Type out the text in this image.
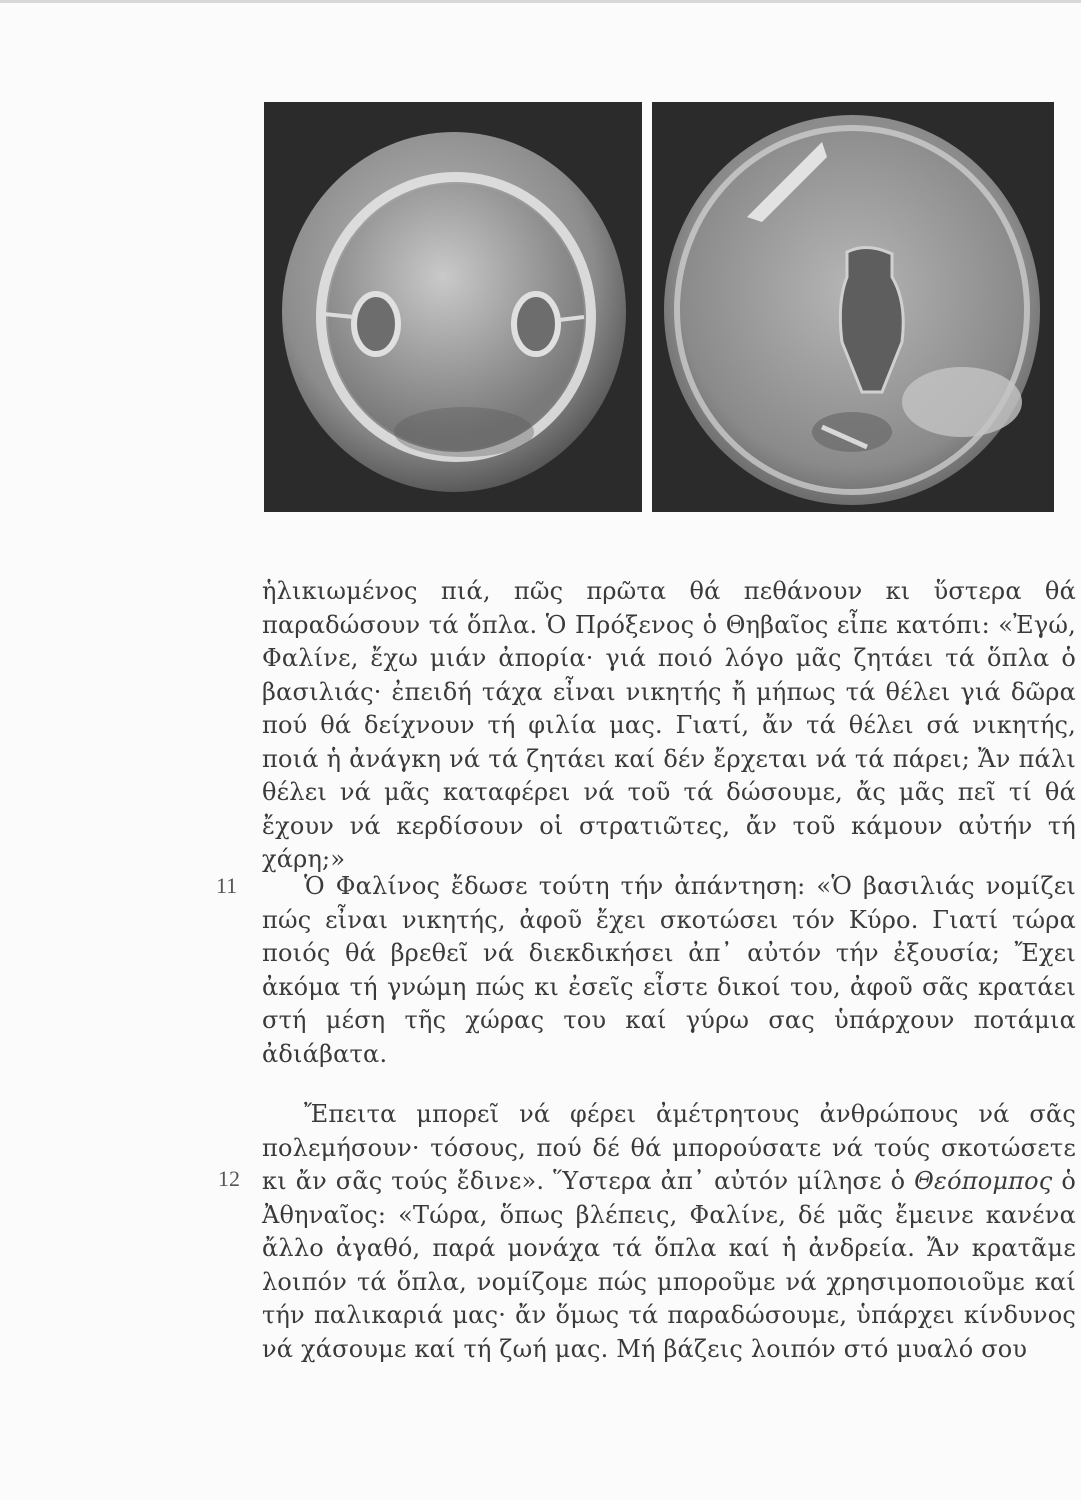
ἡλικιωμένος πιά, πῶς πρῶτα θά πεθάνουν κι ὕστερα θά παραδώσουν τά ὅπλα. Ὁ Πρόξενος ὁ Θηβαῖος εἶπε κατόπι: «Ἐγώ, Φαλίνε, ἔχω μιάν ἀπορία· γιά ποιό λόγο μᾶς ζητάει τά ὅπλα ὁ βασιλιάς· ἐπειδή τάχα εἶναι νικητής ἤ μήπως τά θέλει γιά δῶρα πού θά δείχνουν τή φιλία μας. Γιατί, ἄν τά θέλει σά νικητής, ποιά ἡ ἀνάγκη νά τά ζητάει καί δέν ἔρχεται νά τά πάρει; Ἄν πάλι θέλει νά μᾶς καταφέρει νά τοῦ τά δώσουμε, ἄς μᾶς πεῖ τί θά ἔχουν νά κερδίσουν οἱ στρατιῶτες, ἄν τοῦ κάμουν αὐτήν τή χάρη;»

11	Ὁ Φαλίνος ἔδωσε τούτη τήν ἀπάντηση: «Ὁ βασιλιάς νομίζει πώς εἶναι νικητής, ἀφοῦ ἔχει σκοτώσει τόν Κύρο. Γιατί τώρα ποιός θά βρεθεῖ νά διεκδικήσει ἀπ᾽ αὐτόν τήν ἐξουσία; Ἔχει ἀκόμα τή γνώμη πώς κι ἐσεῖς εἶστε δικοί του, ἀφοῦ σᾶς κρατάει στή μέση τῆς χώρας του καί γύρω σας ὑπάρχουν ποτάμια ἀδιάβατα.

12

Ἔπειτα μπορεῖ νά φέρει ἀμέτρητους ἀνθρώπους νά σᾶς πολεμήσουν· τόσους, πού δέ θά μπορούσατε νά τούς σκοτώσετε κι ἄν σᾶς τούς ἔδινε». Ὕστερα ἀπ᾽ αὐτόν μίλησε ὁ Θεόπομπος ὁ Ἀθηναῖος: «Τώρα, ὅπως βλέπεις, Φαλίνε, δέ μᾶς ἔμεινε κανένα ἄλλο ἀγαθό, παρά μονάχα τά ὅπλα καί ἡ ἀνδρεία. Ἄν κρατᾶμε λοιπόν τά ὅπλα, νομίζομε πώς μποροῦμε νά χρησιμοποιοῦμε καί τήν παλικαριά μας· ἄν ὅμως τά παραδώσουμε, ὑπάρχει κίνδυνος νά χάσουμε καί τή ζωή μας. Μή βάζεις λοιπόν στό μυαλό σου
